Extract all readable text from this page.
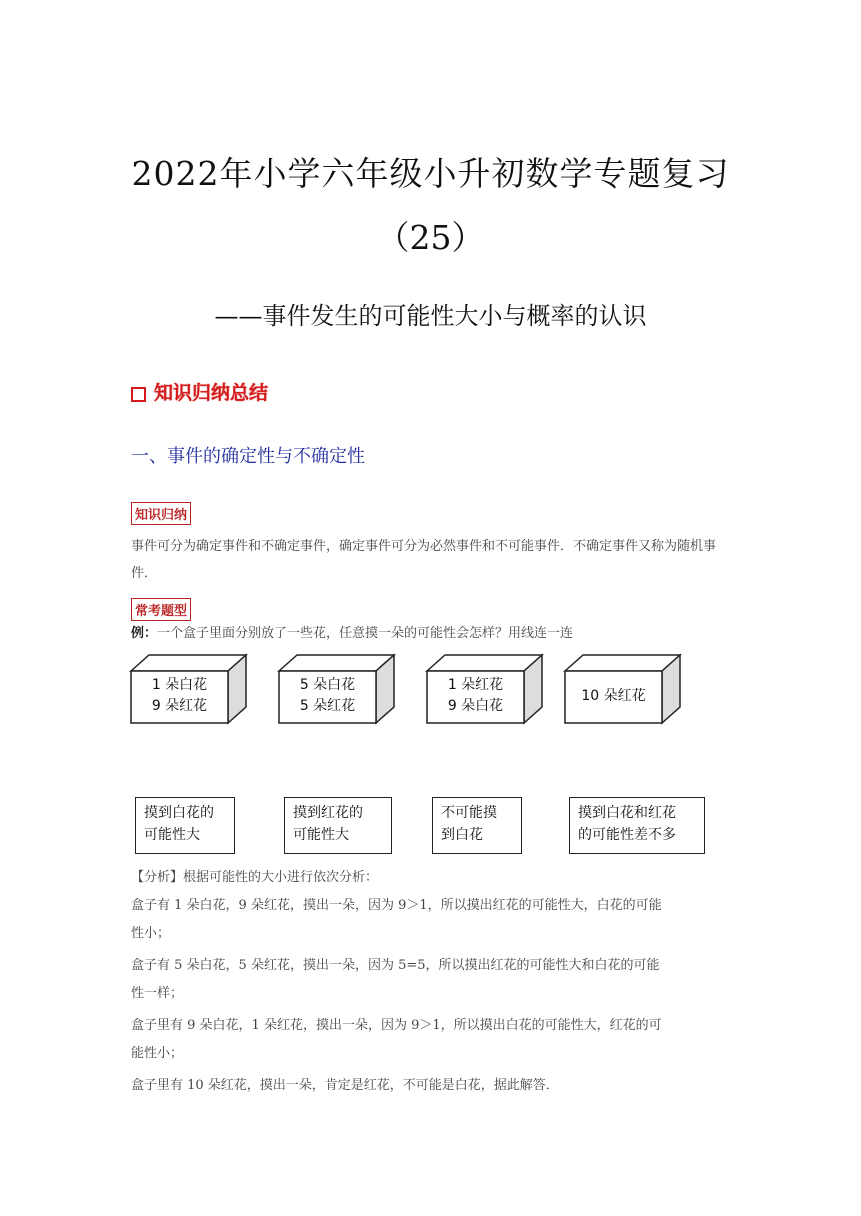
2022年小学六年级小升初数学专题复习
（25）
——事件发生的可能性大小与概率的认识
知识归纳总结
一、事件的确定性与不确定性
知识归纳
事件可分为确定事件和不确定事件，确定事件可分为必然事件和不可能事件．不确定事件又称为随机事件．
常考题型
例：一个盒子里面分别放了一些花，任意摸一朵的可能性会怎样？用线连一连
1 朵白花
9 朵红花
5 朵白花
5 朵红花
1 朵红花
9 朵白花
10 朵红花
摸到白花的
可能性大
摸到红花的
可能性大
不可能摸
到白花
摸到白花和红花
的可能性差不多
【分析】根据可能性的大小进行依次分析：
盒子有 1 朵白花，9 朵红花，摸出一朵，因为 9＞1，所以摸出红花的可能性大，白花的可能
性小；
盒子有 5 朵白花，5 朵红花，摸出一朵，因为 5=5，所以摸出红花的可能性大和白花的可能
性一样；
盒子里有 9 朵白花，1 朵红花，摸出一朵，因为 9＞1，所以摸出白花的可能性大，红花的可
能性小；
盒子里有 10 朵红花，摸出一朵，肯定是红花，不可能是白花，据此解答．
